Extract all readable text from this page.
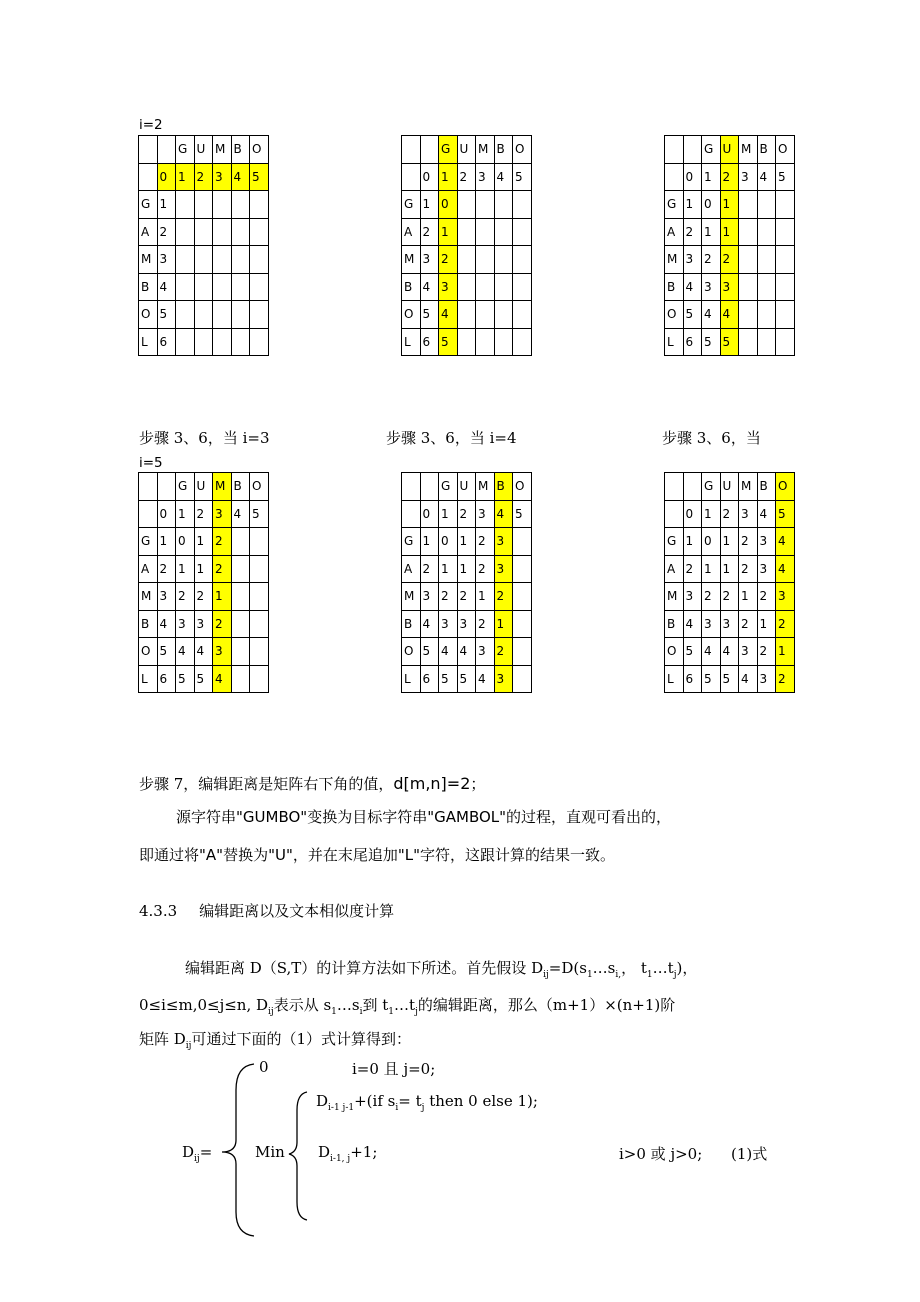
i=2
		G	U	M	B	O
	0	1	2	3	4	5
G	1					
A	2					
M	3					
B	4					
O	5					
L	6					
		G	U	M	B	O
	0	1	2	3	4	5
G	1	0				
A	2	1				
M	3	2				
B	4	3				
O	5	4				
L	6	5				
		G	U	M	B	O
	0	1	2	3	4	5
G	1	0	1			
A	2	1	1			
M	3	2	2			
B	4	3	3			
O	5	4	4			
L	6	5	5			
		G	U	M	B	O
	0	1	2	3	4	5
G	1	0	1	2		
A	2	1	1	2		
M	3	2	2	1		
B	4	3	3	2		
O	5	4	4	3		
L	6	5	5	4		
		G	U	M	B	O
	0	1	2	3	4	5
G	1	0	1	2	3	
A	2	1	1	2	3	
M	3	2	2	1	2	
B	4	3	3	2	1	
O	5	4	4	3	2	
L	6	5	5	4	3	
		G	U	M	B	O
	0	1	2	3	4	5
G	1	0	1	2	3	4
A	2	1	1	2	3	4
M	3	2	2	1	2	3
B	4	3	3	2	1	2
O	5	4	4	3	2	1
L	6	5	5	4	3	2
步骤 3、6，当 i=3	步骤 3、6，当 i=4	步骤 3、6，当
i=5
步骤 7，编辑距离是矩阵右下角的值，d[m,n]=2；
源字符串"GUMBO"变换为目标字符串"GAMBOL"的过程，直观可看出的，
即通过将"A"替换为"U"，并在末尾追加"L"字符，这跟计算的结果一致。
4.3.3 编辑距离以及文本相似度计算
编辑距离 D（S,T）的计算方法如下所述。首先假设 $D_{ij}=D(s_1\dots s_{i,}$， $t_1\dots t_j$)，
0≤i≤m,0≤j≤n, $D_{ij}$表示从 $s_1\dots s_i$到 $t_1\dots t_j$的编辑距离，那么（m+1）×(n+1)阶
矩阵 $D_{ij}$可通过下面的（1）式计算得到：
$D_{ij}=$
0	i=0 且 j=0;
Min
$D_{i-1 j-1}+(if$ $s_i= t_j$ then 0 else 1);
$D_{i-1, j}+1$;	i>0 或 j>0; (1)式
